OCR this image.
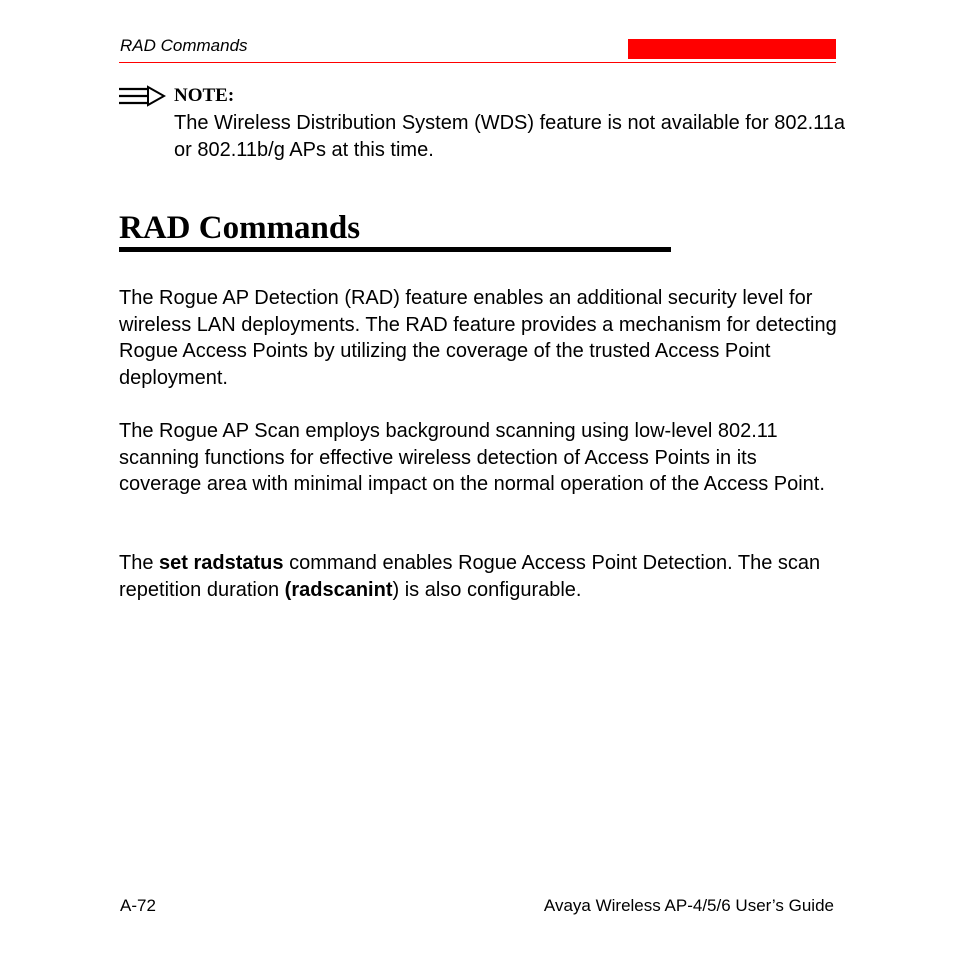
RAD Commands
NOTE:

The Wireless Distribution System (WDS) feature is not available for 802.11a or 802.11b/g APs at this time.

RAD Commands

The Rogue AP Detection (RAD) feature enables an additional security level for wireless LAN deployments. The RAD feature provides a mechanism for detecting Rogue Access Points by utilizing the coverage of the trusted Access Point deployment.

The Rogue AP Scan employs background scanning using low-level 802.11 scanning functions for effective wireless detection of Access Points in its coverage area with minimal impact on the normal operation of the Access Point.

The set radstatus command enables Rogue Access Point Detection. The scan repetition duration (radscanint) is also configurable.

A-72	Avaya Wireless AP-4/5/6 User’s Guide
